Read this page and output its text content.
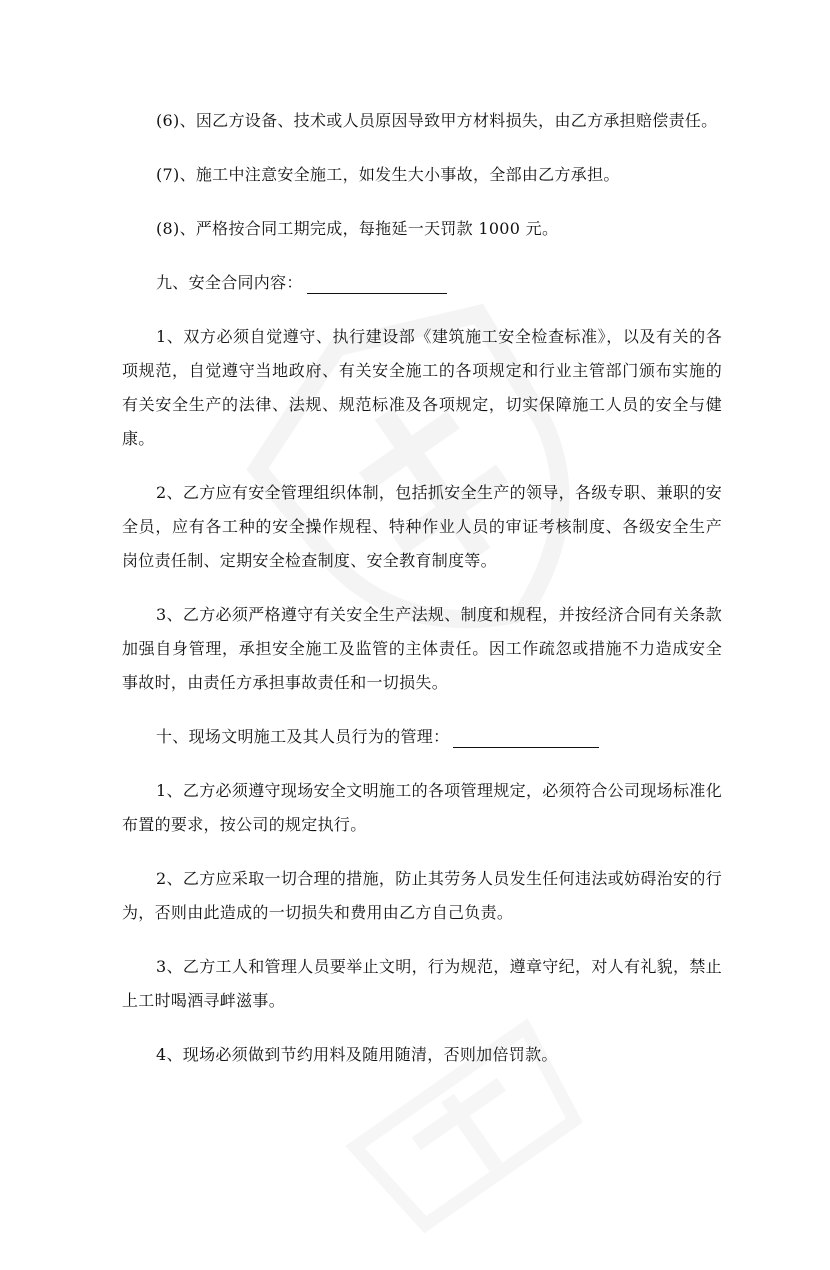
(6)、因乙方设备、技术或人员原因导致甲方材料损失，由乙方承担赔偿责任。

(7)、施工中注意安全施工，如发生大小事故，全部由乙方承担。

(8)、严格按合同工期完成，每拖延一天罚款 1000 元。

九、安全合同内容：

1、双方必须自觉遵守、执行建设部《建筑施工安全检查标准》，以及有关的各项规范，自觉遵守当地政府、有关安全施工的各项规定和行业主管部门颁布实施的有关安全生产的法律、法规、规范标准及各项规定，切实保障施工人员的安全与健康。

2、乙方应有安全管理组织体制，包括抓安全生产的领导，各级专职、兼职的安全员，应有各工种的安全操作规程、特种作业人员的审证考核制度、各级安全生产岗位责任制、定期安全检查制度、安全教育制度等。

3、乙方必须严格遵守有关安全生产法规、制度和规程，并按经济合同有关条款加强自身管理，承担安全施工及监管的主体责任。因工作疏忽或措施不力造成安全事故时，由责任方承担事故责任和一切损失。

十、现场文明施工及其人员行为的管理：

1、乙方必须遵守现场安全文明施工的各项管理规定，必须符合公司现场标准化布置的要求，按公司的规定执行。

2、乙方应采取一切合理的措施，防止其劳务人员发生任何违法或妨碍治安的行为，否则由此造成的一切损失和费用由乙方自己负责。

3、乙方工人和管理人员要举止文明，行为规范，遵章守纪，对人有礼貌，禁止上工时喝酒寻衅滋事。

4、现场必须做到节约用料及随用随清，否则加倍罚款。
